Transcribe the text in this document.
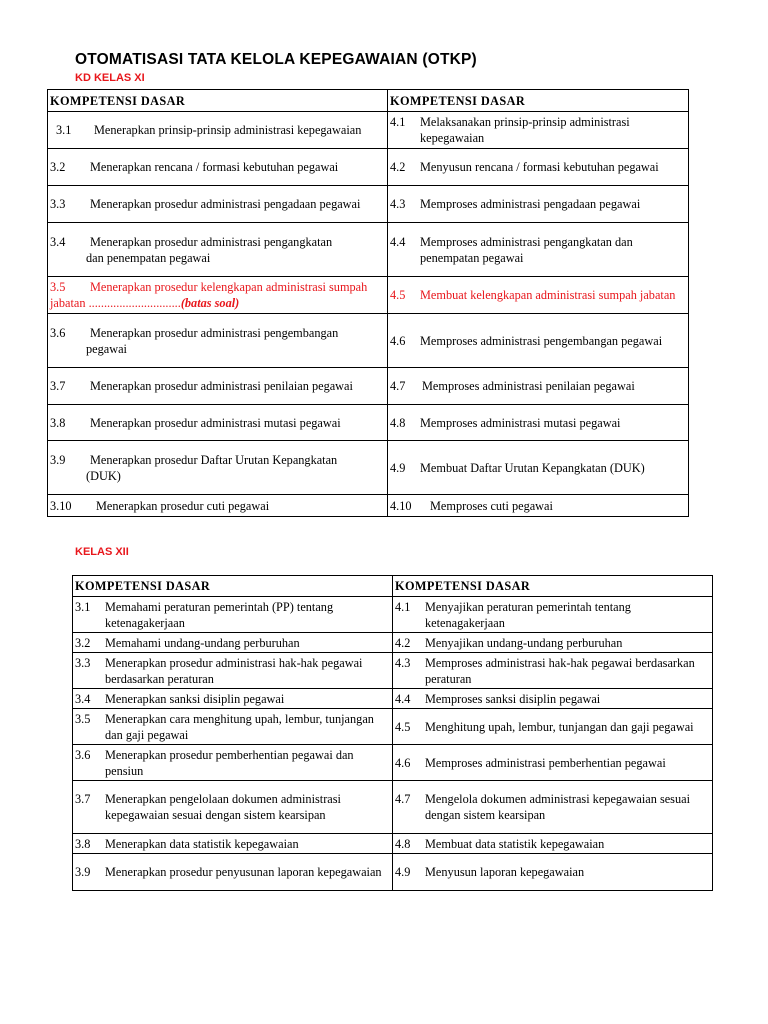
OTOMATISASI TATA KELOLA KEPEGAWAIAN (OTKP)
KD KELAS XI
KOMPETENSI DASAR	KOMPETENSI DASAR

3.1 Menerapkan prinsip-prinsip administrasi kepegawaian	4.1 Melaksanakan prinsip-prinsip administrasi kepegawaian

3.2 Menerapkan rencana / formasi kebutuhan pegawai	4.2 Menyusun rencana / formasi kebutuhan pegawai

3.3 Menerapkan prosedur administrasi pengadaan pegawai	4.3 Memproses administrasi pengadaan pegawai

3.4 Menerapkan prosedur administrasi pengangkatan
dan penempatan pegawai	4.4 Memproses administrasi pengangkatan dan penempatan pegawai

3.5 Menerapkan prosedur kelengkapan administrasi sumpah jabatan ..............................(batas soal)	4.5 Membuat kelengkapan administrasi sumpah jabatan

3.6 Menerapkan prosedur administrasi pengembangan
pegawai	4.6 Memproses administrasi pengembangan pegawai

3.7 Menerapkan prosedur administrasi penilaian pegawai	4.7 Memproses administrasi penilaian pegawai

3.8 Menerapkan prosedur administrasi mutasi pegawai	4.8 Memproses administrasi mutasi pegawai

3.9 Menerapkan prosedur Daftar Urutan Kepangkatan
(DUK)	4.9 Membuat Daftar Urutan Kepangkatan (DUK)

3.10 Menerapkan prosedur cuti pegawai	4.10 Memproses cuti pegawai
KELAS XII
KOMPETENSI DASAR	KOMPETENSI DASAR

3.1 Memahami peraturan pemerintah (PP) tentang ketenagakerjaan	4.1 Menyajikan peraturan pemerintah tentang ketenagakerjaan

3.2 Memahami undang-undang perburuhan	4.2 Menyajikan undang-undang perburuhan

3.3 Menerapkan prosedur administrasi hak-hak pegawai berdasarkan peraturan	4.3 Memproses administrasi hak-hak pegawai berdasarkan peraturan

3.4 Menerapkan sanksi disiplin pegawai	4.4 Memproses sanksi disiplin pegawai

3.5 Menerapkan cara menghitung upah, lembur, tunjangan dan gaji pegawai	4.5 Menghitung upah, lembur, tunjangan dan gaji pegawai

3.6 Menerapkan prosedur pemberhentian pegawai dan pensiun	4.6 Memproses administrasi pemberhentian pegawai

3.7 Menerapkan pengelolaan dokumen administrasi kepegawaian sesuai dengan sistem kearsipan	4.7 Mengelola dokumen administrasi kepegawaian sesuai dengan sistem kearsipan

3.8 Menerapkan data statistik kepegawaian	4.8 Membuat data statistik kepegawaian

3.9 Menerapkan prosedur penyusunan laporan kepegawaian	4.9 Menyusun laporan kepegawaian
